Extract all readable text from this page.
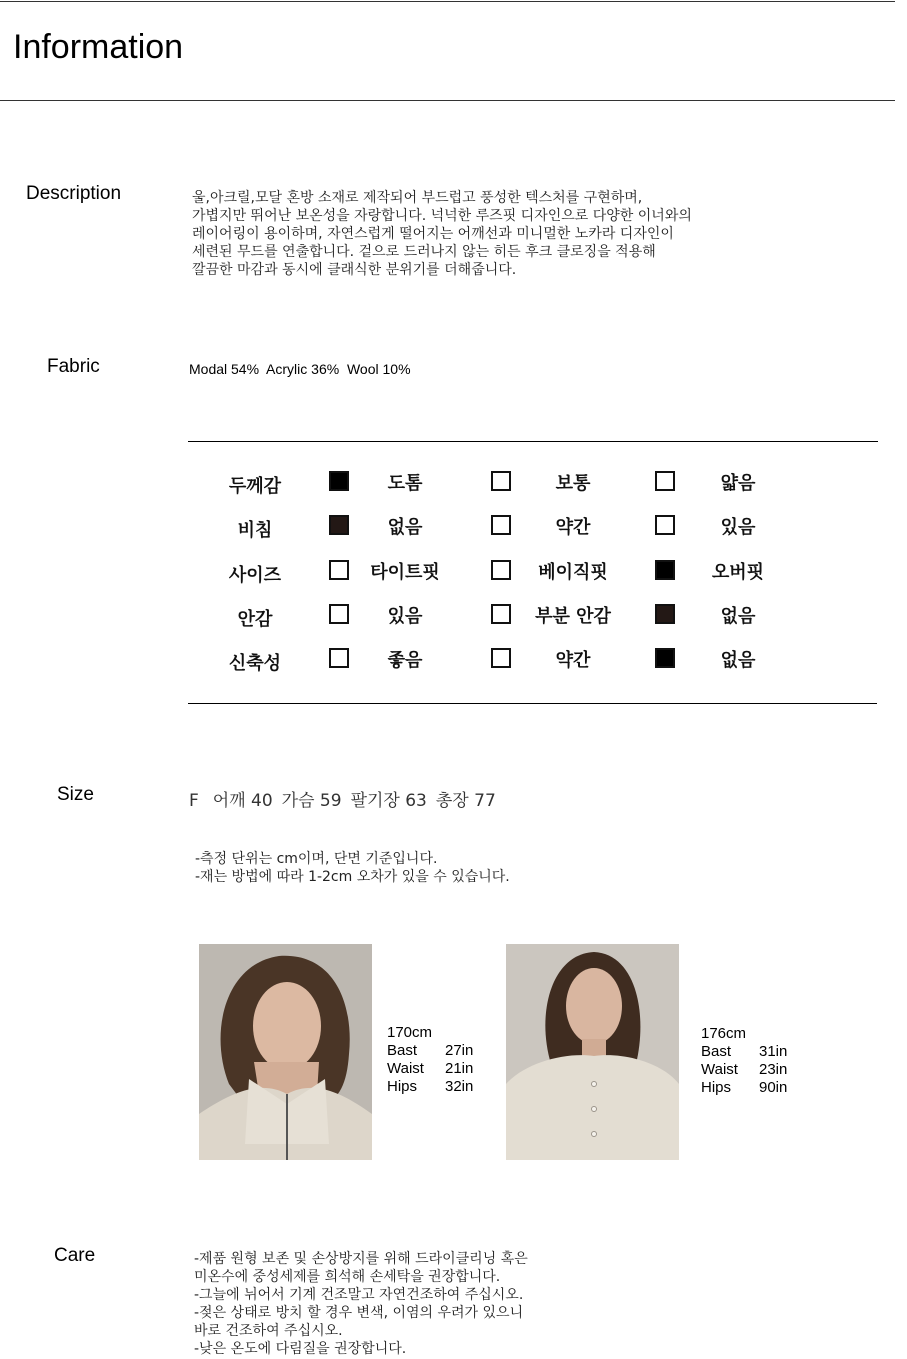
Information
Description	울,아크릴,모달 혼방 소재로 제작되어 부드럽고 풍성한 텍스처를 구현하며,
가볍지만 뛰어난 보온성을 자랑합니다. 넉넉한 루즈핏 디자인으로 다양한 이너와의
레이어링이 용이하며, 자연스럽게 떨어지는 어깨선과 미니멀한 노카라 디자인이
세련된 무드를 연출합니다. 겉으로 드러나지 않는 히든 후크 클로징을 적용해
깔끔한 마감과 동시에 클래식한 분위기를 더해줍니다.
Fabric	Modal 54%  Acrylic 36%  Wool 10%
두께감	도톰	보통	얇음
비침	없음	약간	있음
사이즈	타이트핏	베이직핏	오버핏
안감	있음	부분 안감	없음
신축성	좋음	약간	없음
Size	F 어깨 40 가슴 59 팔기장 63 총장 77
-측정 단위는 cm이며, 단면 기준입니다.
-재는 방법에 따라 1-2cm 오차가 있을 수 있습니다.
170cm
Bast 27in
Waist 21in
Hips 32in
176cm
Bast 31in
Waist 23in
Hips 90in
Care	-제품 원형 보존 및 손상방지를 위해 드라이클리닝 혹은
미온수에 중성세제를 희석해 손세탁을 권장합니다.
-그늘에 뉘어서 기계 건조말고 자연건조하여 주십시오.
-젖은 상태로 방치 할 경우 변색, 이염의 우려가 있으니
바로 건조하여 주십시오.
-낮은 온도에 다림질을 권장합니다.
